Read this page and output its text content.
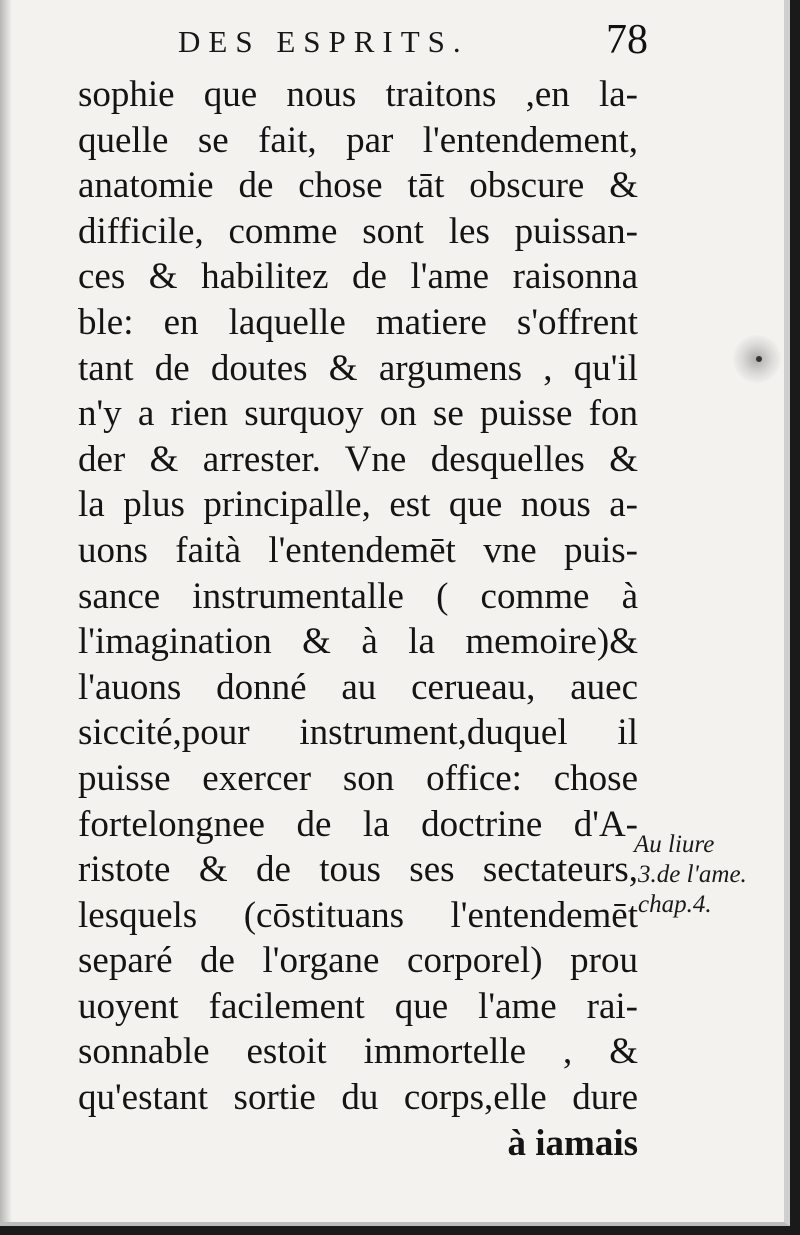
DES ESPRITS.	78
sophie que nous traitons ,en la-
quelle se fait, par l'entendement,
anatomie de chose tāt obscure &
difficile, comme sont les puissan-
ces & habilitez de l'ame raisonna
ble: en laquelle matiere s'offrent
tant de doutes & argumens , qu'il
n'y a rien surquoy on se puisse fon
der & arrester. Vne desquelles &
la plus principalle, est que nous a-
uons faità l'entendemēt vne puis-
sance instrumentalle ( comme à
l'imagination & à la memoire)&
l'auons donné au cerueau, auec
siccité,pour instrument,duquel il
puisse exercer son office: chose
fortelongnee de la doctrine d'A-
ristote & de tous ses sectateurs,
lesquels (cōstituans l'entendemēt
separé de l'organe corporel) prou
uoyent facilement que l'ame rai-
sonnable estoit immortelle , &
qu'estant sortie du corps,elle dure
à iamais
Au liure
3.de l'ame.
chap.4.
